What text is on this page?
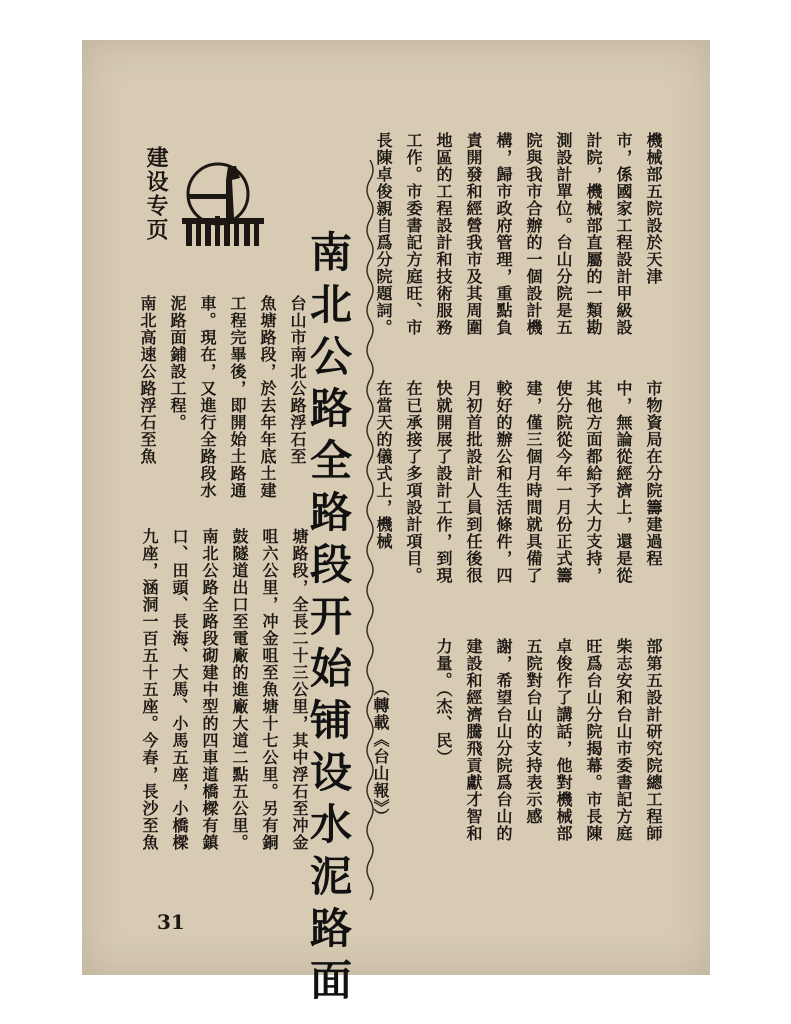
建设专页
南北公路全路段开始铺设水泥路面
機械部五院設於天津
市，係國家工程設計甲級設
計院，機械部直屬的一類勘
測設計單位。台山分院是五
院與我市合辦的一個設計機
構，歸市政府管理，重點負
責開發和經營我市及其周圍
地區的工程設計和技術服務
工作。市委書記方庭旺、市
長陳卓俊親自爲分院題詞。
市物資局在分院籌建過程
中，無論從經濟上，還是從
其他方面都給予大力支持，
使分院從今年一月份正式籌
建，僅三個月時間就具備了
較好的辦公和生活條件，四
月初首批設計人員到任後很
快就開展了設計工作，到現
在已承接了多項設計項目。
在當天的儀式上，機械
部第五設計研究院總工程師
柴志安和台山市委書記方庭
旺爲台山分院揭幕。市長陳
卓俊作了講話，他對機械部
五院對台山的支持表示感
謝，希望台山分院爲台山的
建設和經濟騰飛貢獻才智和
力量。（杰、民）
（轉載《台山報》）
台山市南北公路浮石至
魚塘路段，於去年年底土建
工程完畢後，即開始土路通
車。現在，又進行全路段水
泥路面鋪設工程。
南北高速公路浮石至魚
塘路段，全長二十三公里，其中浮石至冲金
咀六公里，冲金咀至魚塘十七公里。另有銅
鼓隧道出口至電廠的進廠大道二點五公里。
南北公路全路段砌建中型的四車道橋樑有鎮
口、田頭、長海、大馬、小馬五座，小橋樑
九座，涵洞一百五十五座。今春，長沙至魚
31
